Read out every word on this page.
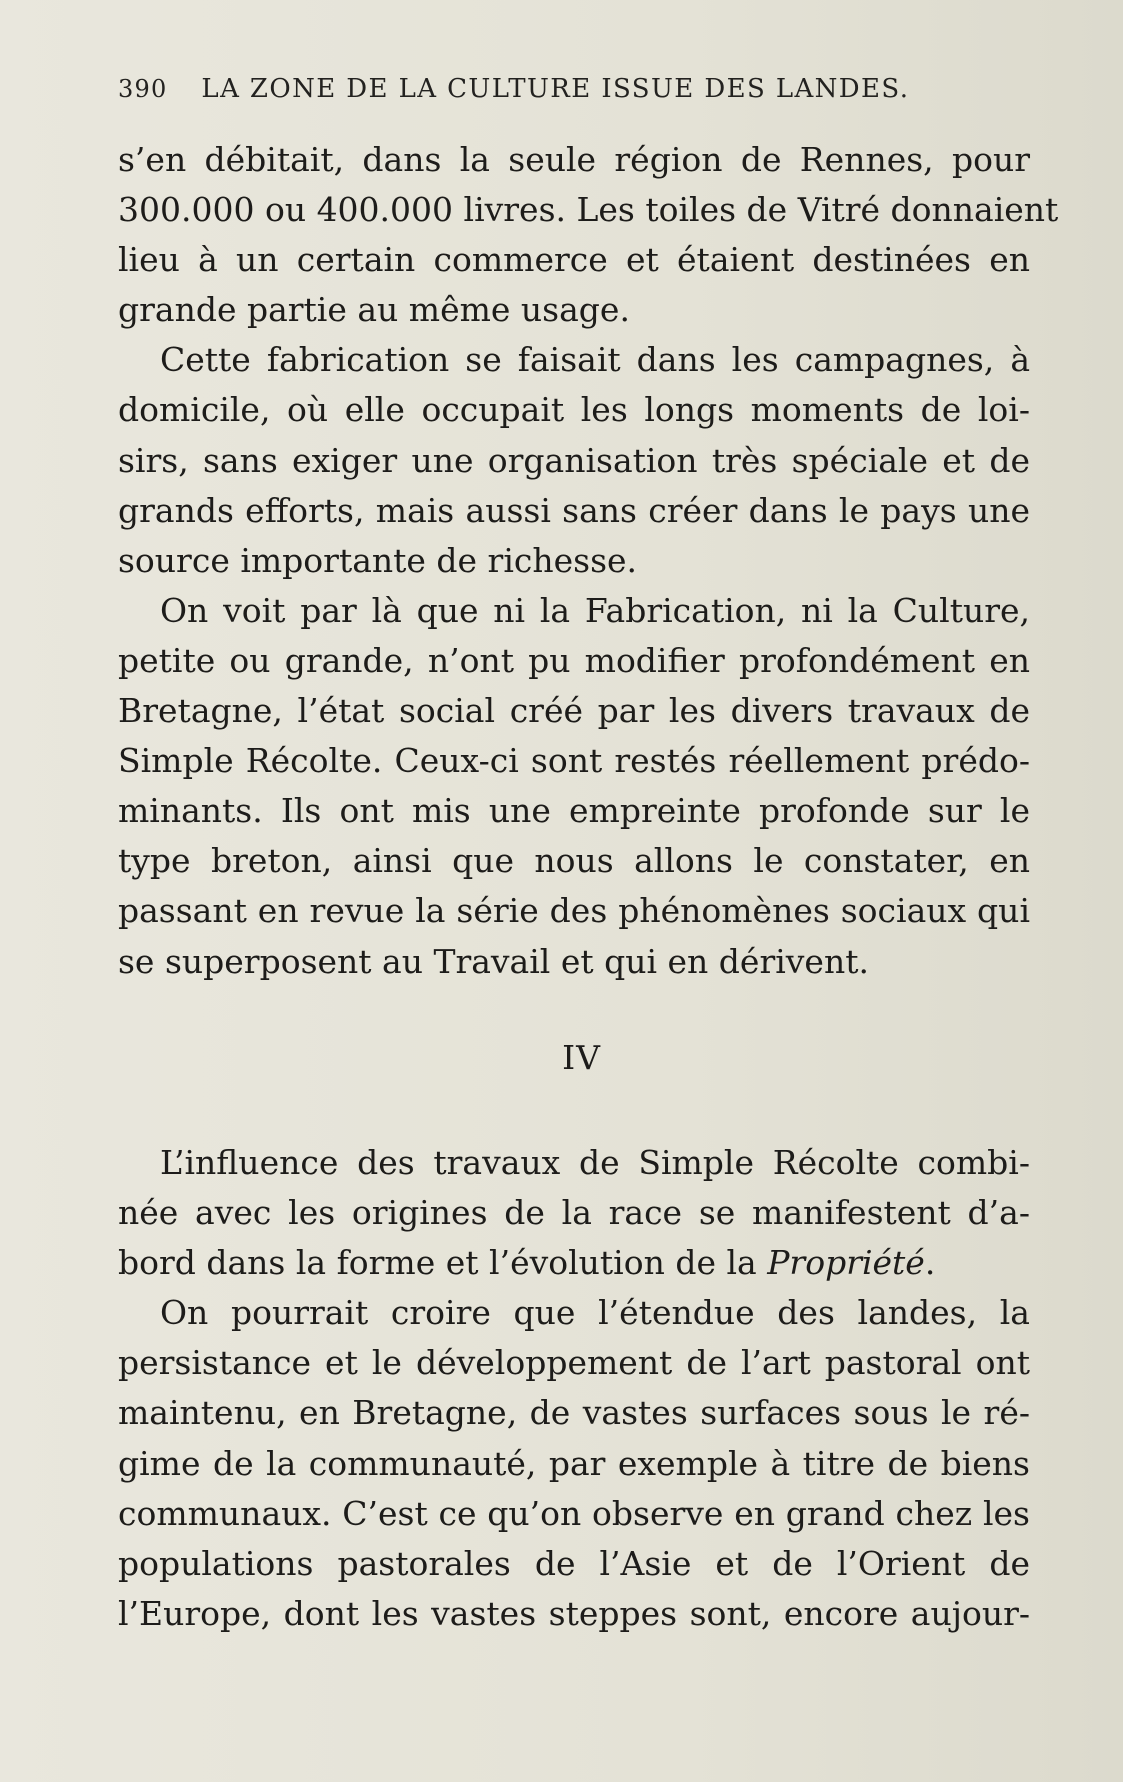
390 LA ZONE DE LA CULTURE ISSUE DES LANDES.
s’en débitait, dans la seule région de Rennes, pour
300.000 ou 400.000 livres. Les toiles de Vitré donnaient
lieu à un certain commerce et étaient destinées en
grande partie au même usage.
Cette fabrication se faisait dans les campagnes, à
domicile, où elle occupait les longs moments de loi-
sirs, sans exiger une organisation très spéciale et de
grands efforts, mais aussi sans créer dans le pays une
source importante de richesse.
On voit par là que ni la Fabrication, ni la Culture,
petite ou grande, n’ont pu modifier profondément en
Bretagne, l’état social créé par les divers travaux de
Simple Récolte. Ceux-ci sont restés réellement prédo-
minants. Ils ont mis une empreinte profonde sur le
type breton, ainsi que nous allons le constater, en
passant en revue la série des phénomènes sociaux qui
se superposent au Travail et qui en dérivent.
IV
L’influence des travaux de Simple Récolte combi-
née avec les origines de la race se manifestent d’a-
bord dans la forme et l’évolution de la Propriété.
On pourrait croire que l’étendue des landes, la
persistance et le développement de l’art pastoral ont
maintenu, en Bretagne, de vastes surfaces sous le ré-
gime de la communauté, par exemple à titre de biens
communaux. C’est ce qu’on observe en grand chez les
populations pastorales de l’Asie et de l’Orient de
l’Europe, dont les vastes steppes sont, encore aujour-
